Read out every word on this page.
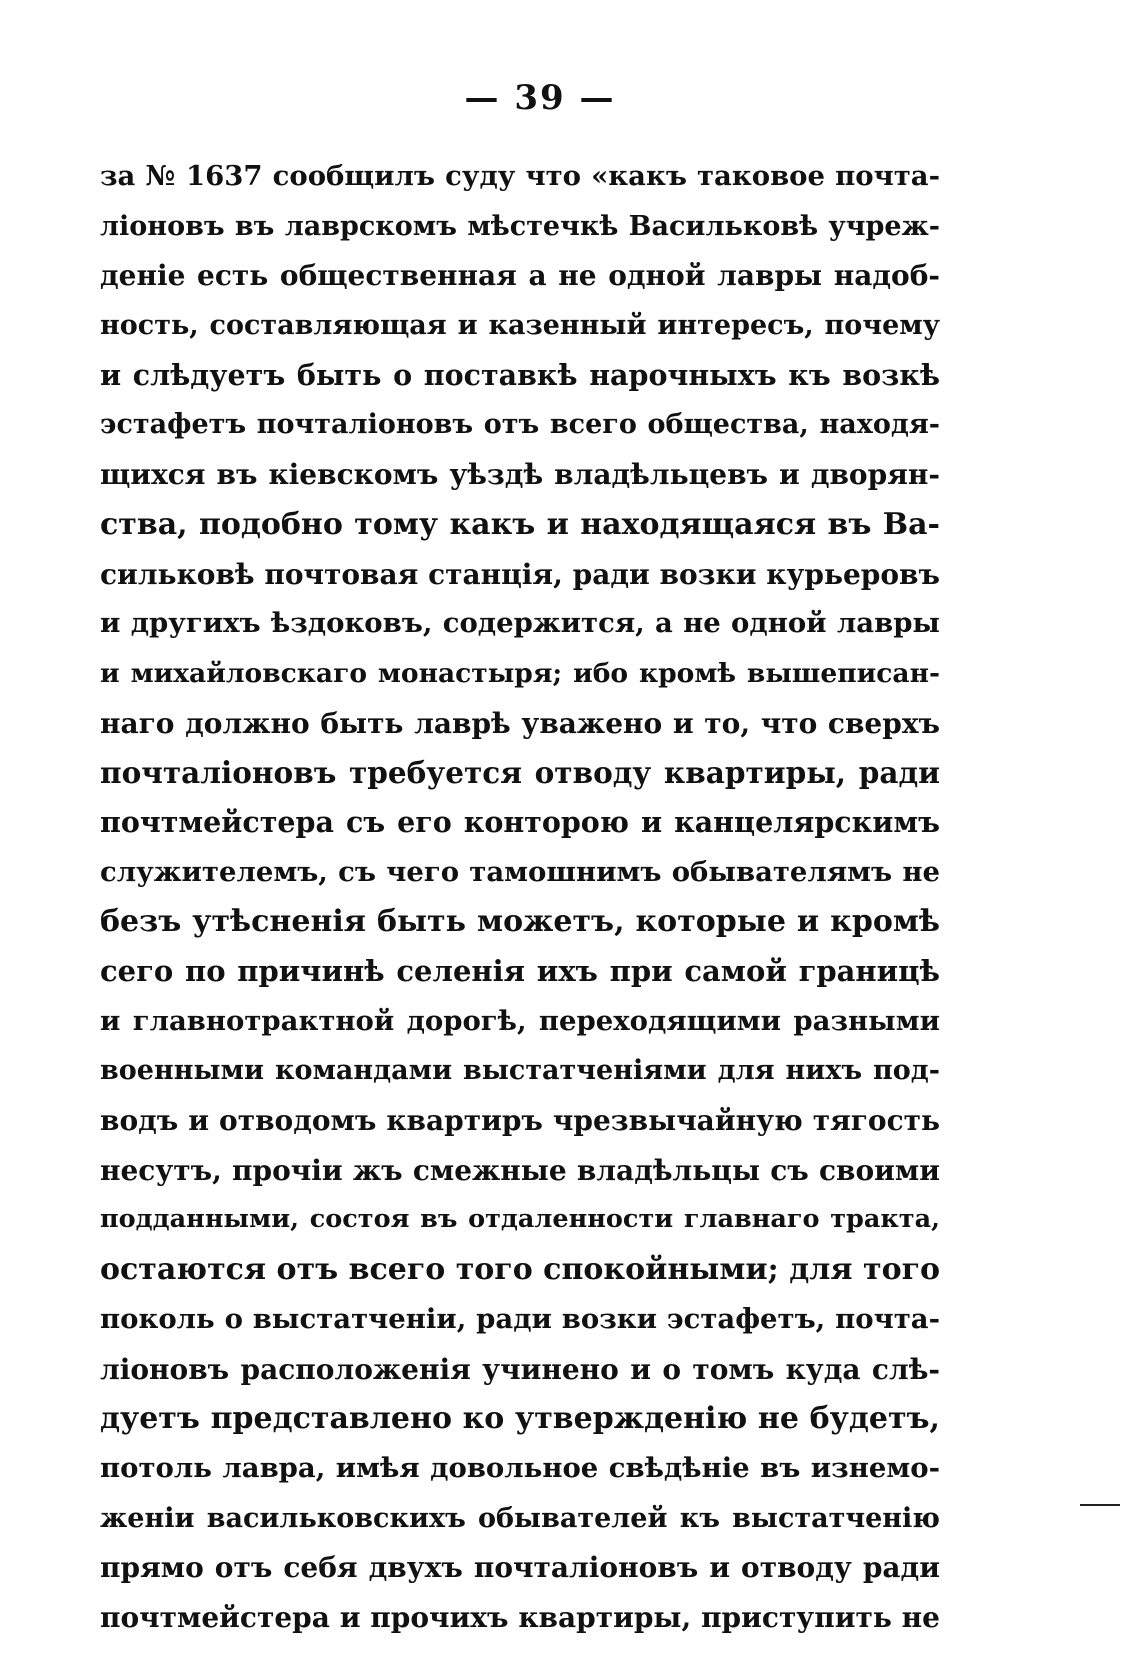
— 39 —
за № 1637 сообщилъ суду что «какъ таковое почта-
ліоновъ въ лаврскомъ мѣстечкѣ Васильковѣ учреж-
деніе есть общественная а не одной лавры надоб-
ность, составляющая и казенный интересъ, почему
и слѣдуетъ быть о поставкѣ нарочныхъ къ возкѣ
эстафетъ почталіоновъ отъ всего общества, находя-
щихся въ кіевскомъ уѣздѣ владѣльцевъ и дворян-
ства, подобно тому какъ и находящаяся въ Ва-
сильковѣ почтовая станція, ради возки курьеровъ
и другихъ ѣздоковъ, содержится, а не одной лавры
и михайловскаго монастыря; ибо кромѣ вышеписан-
наго должно быть лаврѣ уважено и то, что сверхъ
почталіоновъ требуется отводу квартиры, ради
почтмейстера съ его конторою и канцелярскимъ
служителемъ, съ чего тамошнимъ обывателямъ не
безъ утѣсненія быть можетъ, которые и кромѣ
сего по причинѣ селенія ихъ при самой границѣ
и главнотрактной дорогѣ, переходящими разными
военными командами выстатченіями для нихъ под-
водъ и отводомъ квартиръ чрезвычайную тягость
несутъ, прочіи жъ смежные владѣльцы съ своими
подданными, состоя въ отдаленности главнаго тракта,
остаются отъ всего того спокойными; для того
поколь о выстатченіи, ради возки эстафетъ, почта-
ліоновъ расположенія учинено и о томъ куда слѣ-
дуетъ представлено ко утвержденію не будетъ,
потоль лавра, имѣя довольное свѣдѣніе въ изнемо-
женіи васильковскихъ обывателей къ выстатченію
прямо отъ себя двухъ почталіоновъ и отводу ради
почтмейстера и прочихъ квартиры, приступить не
